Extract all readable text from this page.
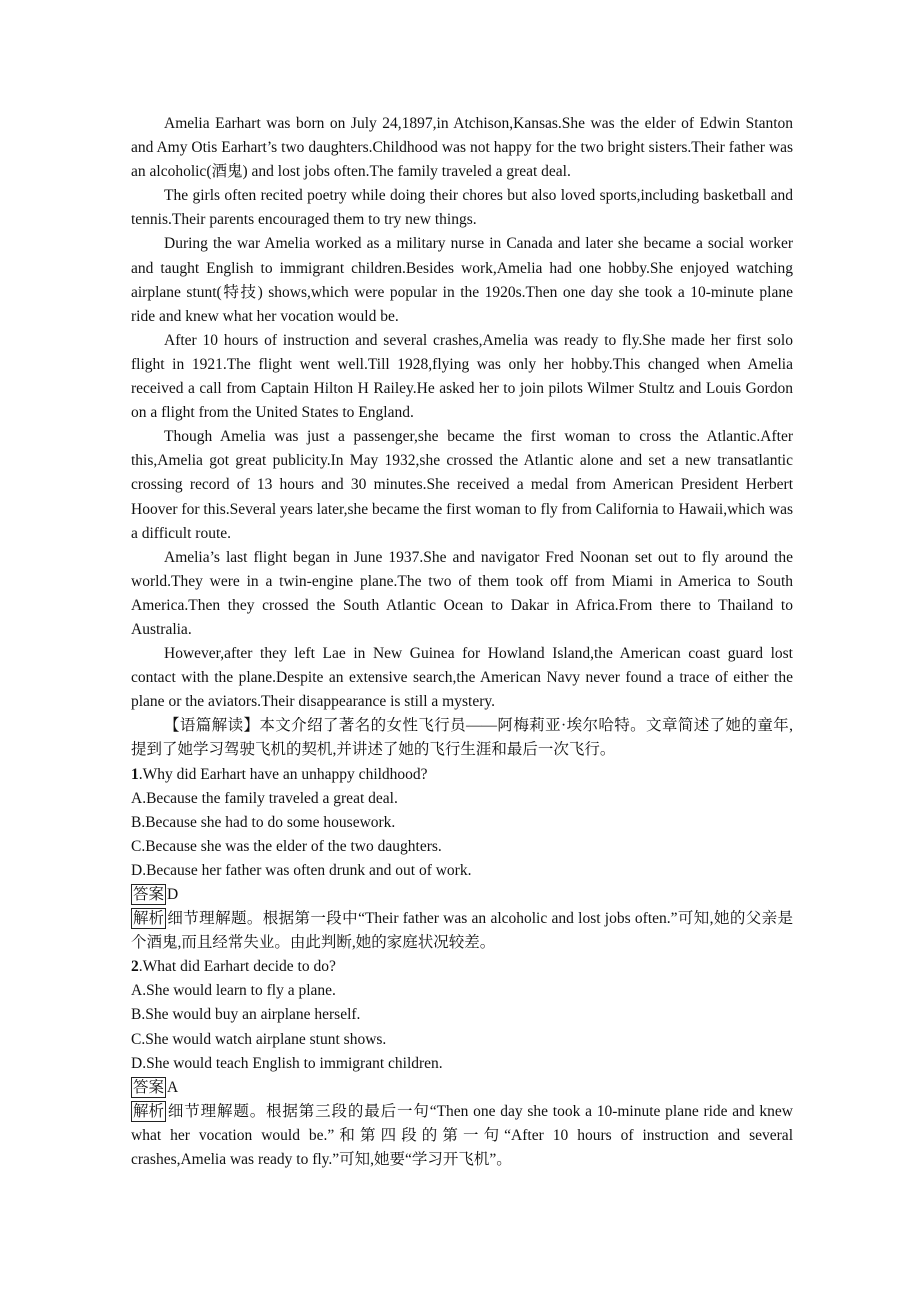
Amelia Earhart was born on July 24,1897,in Atchison,Kansas.She was the elder of Edwin Stanton and Amy Otis Earhart’s two daughters.Childhood was not happy for the two bright sisters.Their father was an alcoholic(酒鬼) and lost jobs often.The family traveled a great deal.

The girls often recited poetry while doing their chores but also loved sports,including basketball and tennis.Their parents encouraged them to try new things.

During the war Amelia worked as a military nurse in Canada and later she became a social worker and taught English to immigrant children.Besides work,Amelia had one hobby.She enjoyed watching airplane stunt(特技) shows,which were popular in the 1920s.Then one day she took a 10-minute plane ride and knew what her vocation would be.

After 10 hours of instruction and several crashes,Amelia was ready to fly.She made her first solo flight in 1921.The flight went well.Till 1928,flying was only her hobby.This changed when Amelia received a call from Captain Hilton H Railey.He asked her to join pilots Wilmer Stultz and Louis Gordon on a flight from the United States to England.

Though Amelia was just a passenger,she became the first woman to cross the Atlantic.After this,Amelia got great publicity.In May 1932,she crossed the Atlantic alone and set a new transatlantic crossing record of 13 hours and 30 minutes.She received a medal from American President Herbert Hoover for this.Several years later,she became the first woman to fly from California to Hawaii,which was a difficult route.

Amelia’s last flight began in June 1937.She and navigator Fred Noonan set out to fly around the world.They were in a twin-engine plane.The two of them took off from Miami in America to South America.Then they crossed the South Atlantic Ocean to Dakar in Africa.From there to Thailand to Australia.

However,after they left Lae in New Guinea for Howland Island,the American coast guard lost contact with the plane.Despite an extensive search,the American Navy never found a trace of either the plane or the aviators.Their disappearance is still a mystery.

【语篇解读】本文介绍了著名的女性飞行员——阿梅莉亚·埃尔哈特。文章简述了她的童年,提到了她学习驾驶飞机的契机,并讲述了她的飞行生涯和最后一次飞行。

1.Why did Earhart have an unhappy childhood?

A.Because the family traveled a great deal.

B.Because she had to do some housework.

C.Because she was the elder of the two daughters.

D.Because her father was often drunk and out of work.

答案 D

解析 细节理解题。根据第一段中“Their father was an alcoholic and lost jobs often.”可知,她的父亲是个酒鬼,而且经常失业。由此判断,她的家庭状况较差。

2.What did Earhart decide to do?

A.She would learn to fly a plane.

B.She would buy an airplane herself.

C.She would watch airplane stunt shows.

D.She would teach English to immigrant children.

答案 A

解析 细节理解题。根据第三段的最后一句“Then one day she took a 10-minute plane ride and knew what her vocation would be.”和第四段的第一句“After 10 hours of instruction and several crashes,Amelia was ready to fly.”可知,她要“学习开飞机”。
